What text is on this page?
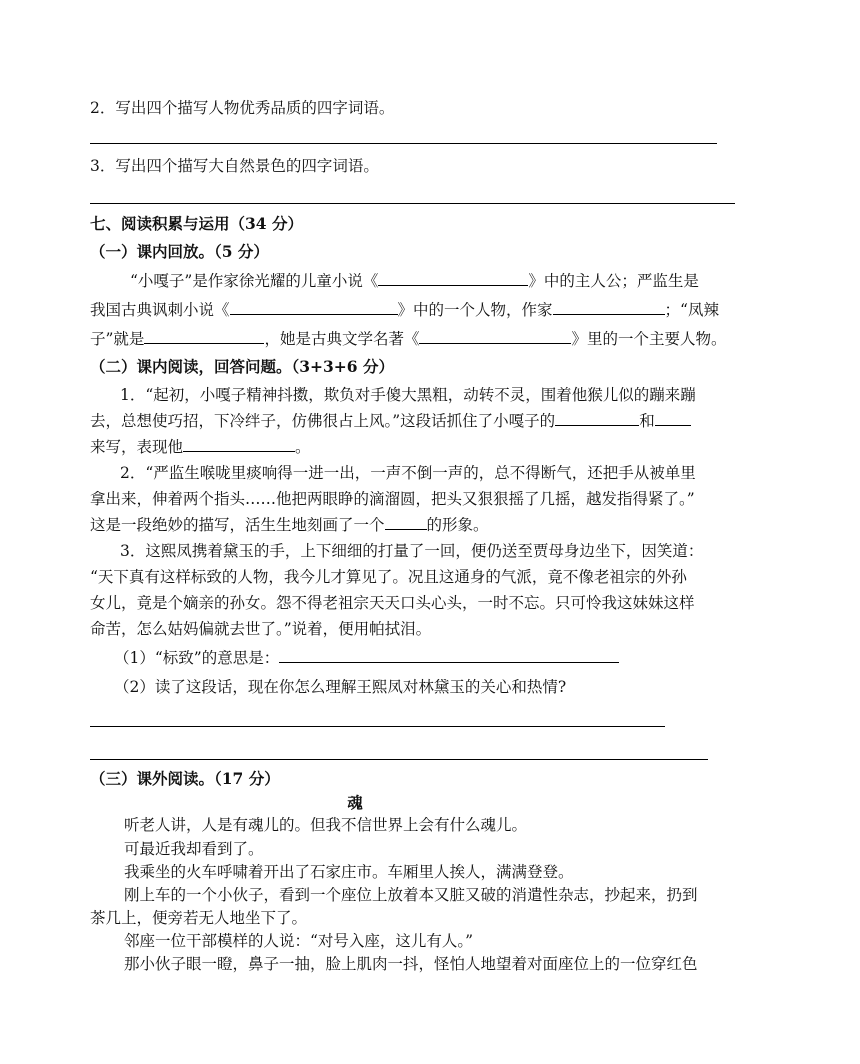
2．写出四个描写人物优秀品质的四字词语。
3．写出四个描写大自然景色的四字词语。
七、阅读积累与运用（34 分）
（一）课内回放。（5 分）
“小嘎子”是作家徐光耀的儿童小说《	》中的主人公；严监生是
我国古典讽刺小说《	》中的一个人物，作家	；“凤辣
子”就是	，她是古典文学名著《	》里的一个主要人物。
（二）课内阅读，回答问题。（3+3+6 分）
1．“起初，小嘎子精神抖擞，欺负对手傻大黑粗，动转不灵，围着他猴儿似的蹦来蹦
去，总想使巧招，下冷绊子，仿佛很占上风。”这段话抓住了小嘎子的	和
来写，表现他	。
2．“严监生喉咙里痰响得一进一出，一声不倒一声的，总不得断气，还把手从被单里
拿出来，伸着两个指头……他把两眼睁的滴溜圆，把头又狠狠摇了几摇，越发指得紧了。”
这是一段绝妙的描写，活生生地刻画了一个	的形象。
3．这熙凤携着黛玉的手，上下细细的打量了一回，便仍送至贾母身边坐下，因笑道：
“天下真有这样标致的人物，我今儿才算见了。况且这通身的气派，竟不像老祖宗的外孙
女儿，竟是个嫡亲的孙女。怨不得老祖宗天天口头心头，一时不忘。只可怜我这妹妹这样
命苦，怎么姑妈偏就去世了。”说着，便用帕拭泪。
（1）“标致”的意思是：
（2）读了这段话，现在你怎么理解王熙凤对林黛玉的关心和热情?
（三）课外阅读。（17 分）
魂
听老人讲，人是有魂儿的。但我不信世界上会有什么魂儿。
可最近我却看到了。
我乘坐的火车呼啸着开出了石家庄市。车厢里人挨人，满满登登。
刚上车的一个小伙子，看到一个座位上放着本又脏又破的消遣性杂志，抄起来，扔到
茶几上，便旁若无人地坐下了。
邻座一位干部模样的人说：“对号入座，这儿有人。”
那小伙子眼一瞪，鼻子一抽，脸上肌肉一抖，怪怕人地望着对面座位上的一位穿红色
